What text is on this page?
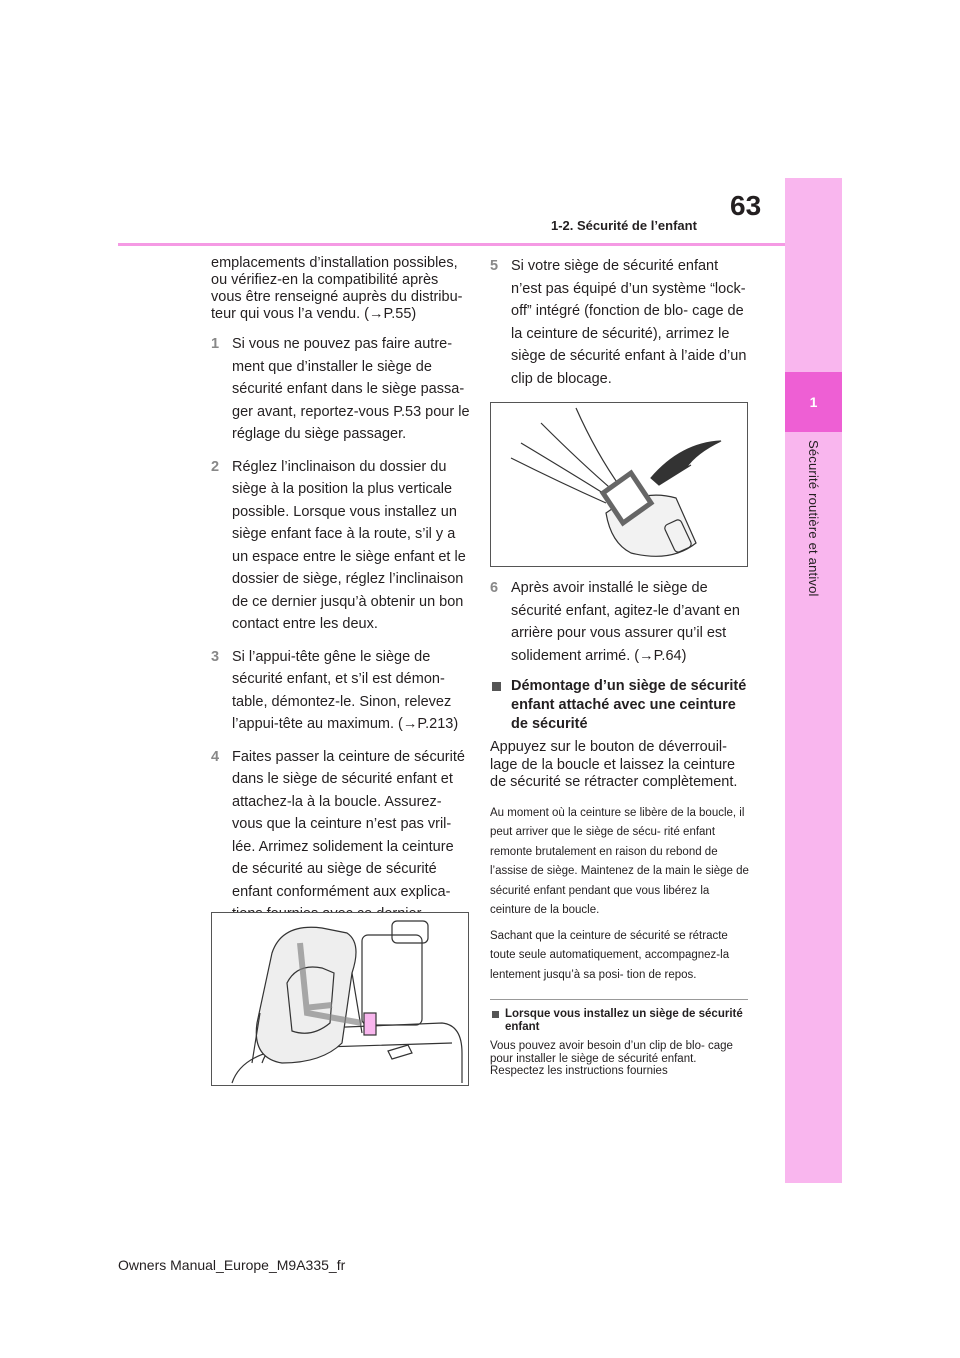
1
Sécurité routière et antivol
63
1-2. Sécurité de l’enfant

emplacements d’installation possibles, ou vérifiez-en la compatibilité après vous être renseigné auprès du distribu- teur qui vous l’a vendu. (→P.55)

1 Si vous ne pouvez pas faire autre- ment que d’installer le siège de sécurité enfant dans le siège passa- ger avant, reportez-vous P.53 pour le réglage du siège passager.
2 Réglez l’inclinaison du dossier du siège à la position la plus verticale possible. Lorsque vous installez un siège enfant face à la route, s’il y a un espace entre le siège enfant et le dossier de siège, réglez l’inclinaison de ce dernier jusqu’à obtenir un bon contact entre les deux.
3 Si l’appui-tête gêne le siège de sécurité enfant, et s’il est démon- table, démontez-le. Sinon, relevez l’appui-tête au maximum. (→P.213)
4 Faites passer la ceinture de sécurité dans le siège de sécurité enfant et attachez-la à la boucle. Assurez- vous que la ceinture n’est pas vril- lée. Arrimez solidement la ceinture de sécurité au siège de sécurité enfant conformément aux explica-
5 Si votre siège de sécurité enfant n’est pas équipé d’un système “lock-off” intégré (fonction de blo- cage de la ceinture de sécurité), arrimez le siège de sécurité enfant à l’aide d’un clip de blocage.
6 Après avoir installé le siège de sécurité enfant, agitez-le d’avant en arrière pour vous assurer qu’il est solidement arrimé. (→P.64)
Démontage d’un siège de sécurité enfant attaché avec une ceinture de sécurité

Appuyez sur le bouton de déverrouil- lage de la boucle et laissez la ceinture de sécurité se rétracter complètement.

Au moment où la ceinture se libère de la boucle, il peut arriver que le siège de sécu- rité enfant remonte brutalement en raison du rebond de l’assise de siège. Maintenez de la main le siège de sécurité enfant pendant que vous libérez la ceinture de la boucle.

Sachant que la ceinture de sécurité se rétracte toute seule automatiquement, accompagnez-la lentement jusqu’à sa posi- tion de repos.

Lorsque vous installez un siège de sécurité enfant

Vous pouvez avoir besoin d’un clip de blo- cage pour installer le siège de sécurité enfant. Respectez les instructions fournies

Owners Manual_Europe_M9A335_fr
